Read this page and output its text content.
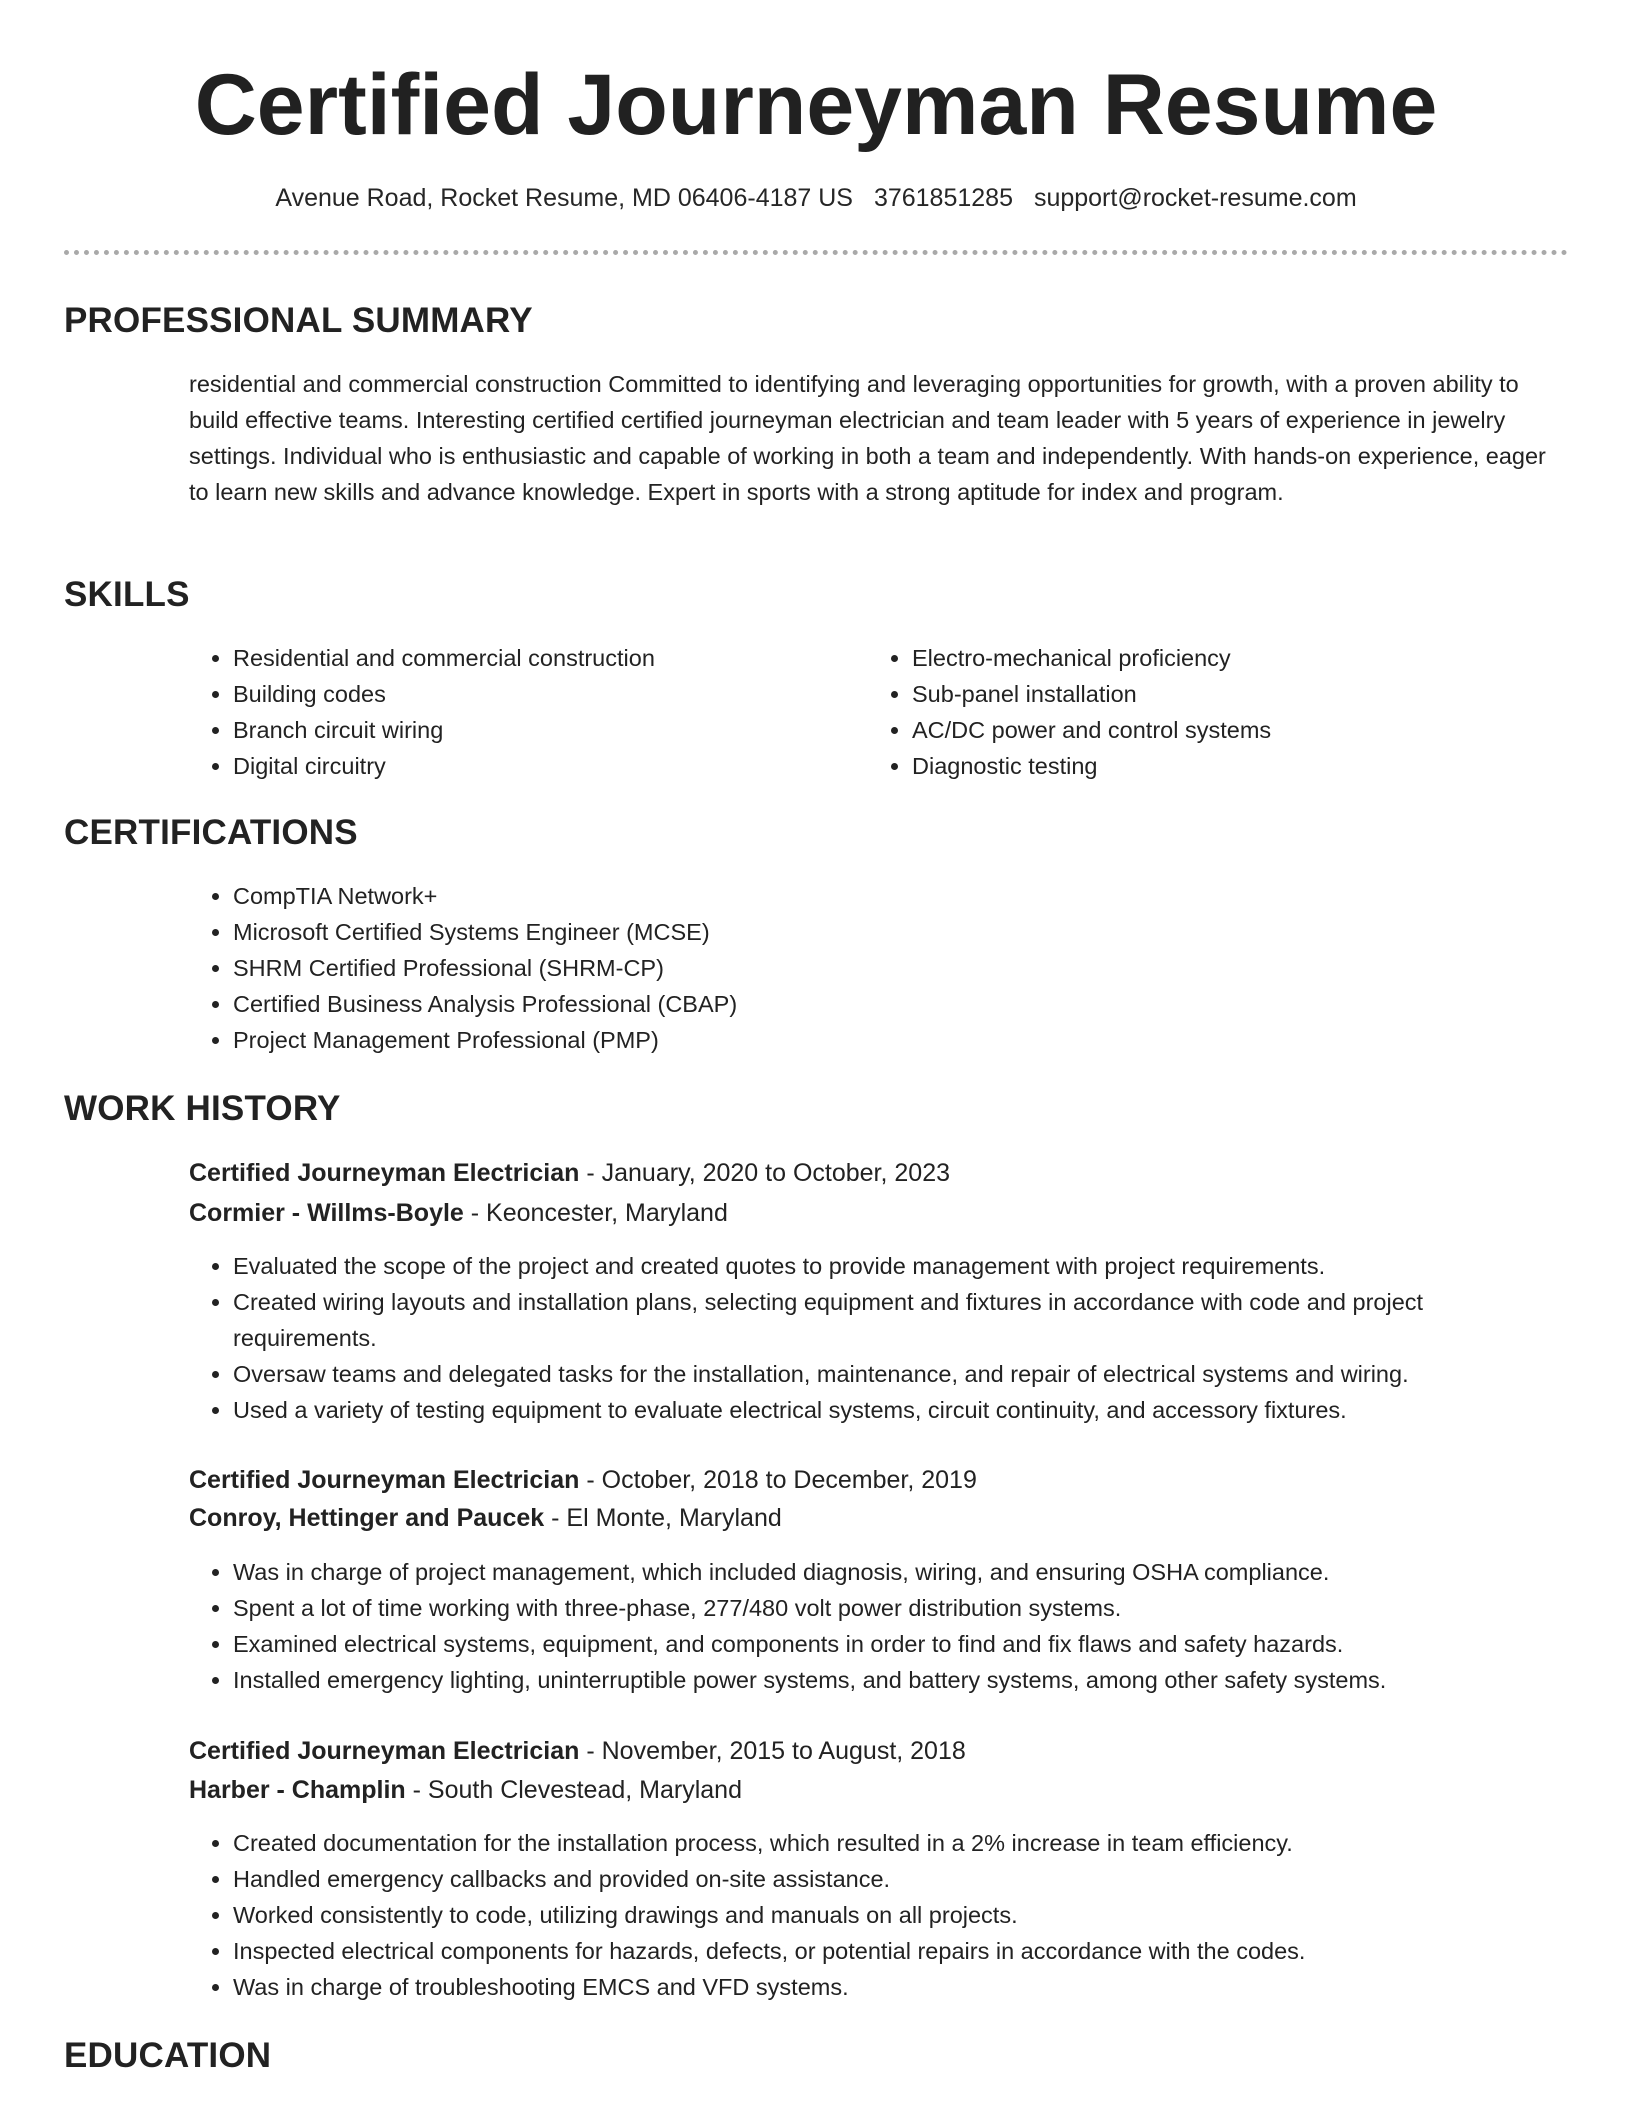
Certified Journeyman Resume
Avenue Road, Rocket Resume, MD 06406-4187 US 3761851285 support@rocket-resume.com
PROFESSIONAL SUMMARY

residential and commercial construction Committed to identifying and leveraging opportunities for growth, with a proven ability to build effective teams. Interesting certified certified journeyman electrician and team leader with 5 years of experience in jewelry settings. Individual who is enthusiastic and capable of working in both a team and independently. With hands-on experience, eager to learn new skills and advance knowledge. Expert in sports with a strong aptitude for index and program.

SKILLS
• Residential and commercial construction
• Building codes
• Branch circuit wiring
• Digital circuitry
• Electro-mechanical proficiency
• Sub-panel installation
• AC/DC power and control systems
• Diagnostic testing
CERTIFICATIONS
• CompTIA Network+
• Microsoft Certified Systems Engineer (MCSE)
• SHRM Certified Professional (SHRM-CP)
• Certified Business Analysis Professional (CBAP)
• Project Management Professional (PMP)
WORK HISTORY
Certified Journeyman Electrician - January, 2020 to October, 2023
Cormier - Willms-Boyle - Keoncester, Maryland
• Evaluated the scope of the project and created quotes to provide management with project requirements.
• Created wiring layouts and installation plans, selecting equipment and fixtures in accordance with code and project requirements.
• Oversaw teams and delegated tasks for the installation, maintenance, and repair of electrical systems and wiring.
• Used a variety of testing equipment to evaluate electrical systems, circuit continuity, and accessory fixtures.
Certified Journeyman Electrician - October, 2018 to December, 2019
Conroy, Hettinger and Paucek - El Monte, Maryland
• Was in charge of project management, which included diagnosis, wiring, and ensuring OSHA compliance.
• Spent a lot of time working with three-phase, 277/480 volt power distribution systems.
• Examined electrical systems, equipment, and components in order to find and fix flaws and safety hazards.
• Installed emergency lighting, uninterruptible power systems, and battery systems, among other safety systems.
Certified Journeyman Electrician - November, 2015 to August, 2018
Harber - Champlin - South Clevestead, Maryland
• Created documentation for the installation process, which resulted in a 2% increase in team efficiency.
• Handled emergency callbacks and provided on-site assistance.
• Worked consistently to code, utilizing drawings and manuals on all projects.
• Inspected electrical components for hazards, defects, or potential repairs in accordance with the codes.
• Was in charge of troubleshooting EMCS and VFD systems.
EDUCATION
